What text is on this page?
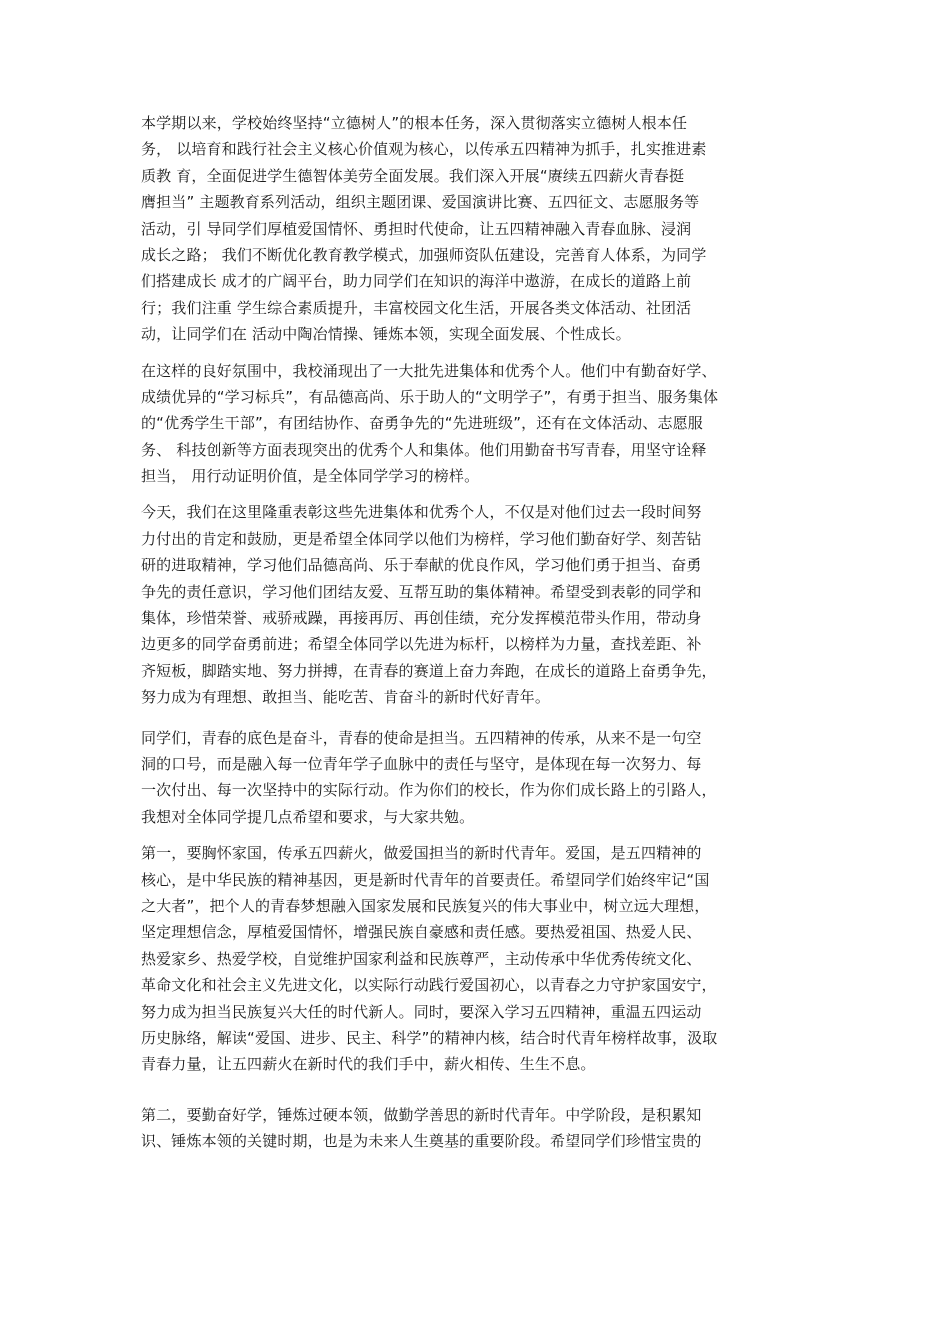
本学期以来，学校始终坚持“立德树人”的根本任务，深入贯彻落实立德树人根本任
务， 以培育和践行社会主义核心价值观为核心，以传承五四精神为抓手，扎实推进素
质教 育，全面促进学生德智体美劳全面发展。我们深入开展“赓续五四薪火青春挺
膺担当” 主题教育系列活动，组织主题团课、爱国演讲比赛、五四征文、志愿服务等
活动，引 导同学们厚植爱国情怀、勇担时代使命，让五四精神融入青春血脉、浸润
成长之路； 我们不断优化教育教学模式，加强师资队伍建设，完善育人体系，为同学
们搭建成长 成才的广阔平台，助力同学们在知识的海洋中遨游，在成长的道路上前
行；我们注重 学生综合素质提升，丰富校园文化生活，开展各类文体活动、社团活
动，让同学们在 活动中陶冶情操、锤炼本领，实现全面发展、个性成长。
在这样的良好氛围中，我校涌现出了一大批先进集体和优秀个人。他们中有勤奋好学、
成绩优异的“学习标兵”，有品德高尚、乐于助人的“文明学子”，有勇于担当、服务集体
的“优秀学生干部”，有团结协作、奋勇争先的“先进班级”，还有在文体活动、志愿服
务、 科技创新等方面表现突出的优秀个人和集体。他们用勤奋书写青春，用坚守诠释
担当， 用行动证明价值，是全体同学学习的榜样。
今天，我们在这里隆重表彰这些先进集体和优秀个人，不仅是对他们过去一段时间努
力付出的肯定和鼓励，更是希望全体同学以他们为榜样，学习他们勤奋好学、刻苦钻
研的进取精神，学习他们品德高尚、乐于奉献的优良作风，学习他们勇于担当、奋勇
争先的责任意识，学习他们团结友爱、互帮互助的集体精神。希望受到表彰的同学和
集体，珍惜荣誉、戒骄戒躁，再接再厉、再创佳绩，充分发挥模范带头作用，带动身
边更多的同学奋勇前进；希望全体同学以先进为标杆，以榜样为力量，查找差距、补
齐短板，脚踏实地、努力拼搏，在青春的赛道上奋力奔跑，在成长的道路上奋勇争先，
努力成为有理想、敢担当、能吃苦、肯奋斗的新时代好青年。
同学们，青春的底色是奋斗，青春的使命是担当。五四精神的传承，从来不是一句空
洞的口号，而是融入每一位青年学子血脉中的责任与坚守，是体现在每一次努力、每
一次付出、每一次坚持中的实际行动。作为你们的校长，作为你们成长路上的引路人，
我想对全体同学提几点希望和要求，与大家共勉。
第一，要胸怀家国，传承五四薪火，做爱国担当的新时代青年。爱国，是五四精神的
核心，是中华民族的精神基因，更是新时代青年的首要责任。希望同学们始终牢记“国
之大者”，把个人的青春梦想融入国家发展和民族复兴的伟大事业中，树立远大理想，
坚定理想信念，厚植爱国情怀，增强民族自豪感和责任感。要热爱祖国、热爱人民、
热爱家乡、热爱学校，自觉维护国家利益和民族尊严，主动传承中华优秀传统文化、
革命文化和社会主义先进文化，以实际行动践行爱国初心，以青春之力守护家国安宁，
努力成为担当民族复兴大任的时代新人。同时，要深入学习五四精神，重温五四运动
历史脉络，解读“爱国、进步、民主、科学”的精神内核，结合时代青年榜样故事，汲取
青春力量，让五四薪火在新时代的我们手中，薪火相传、生生不息。
第二，要勤奋好学，锤炼过硬本领，做勤学善思的新时代青年。中学阶段，是积累知
识、锤炼本领的关键时期，也是为未来人生奠基的重要阶段。希望同学们珍惜宝贵的
